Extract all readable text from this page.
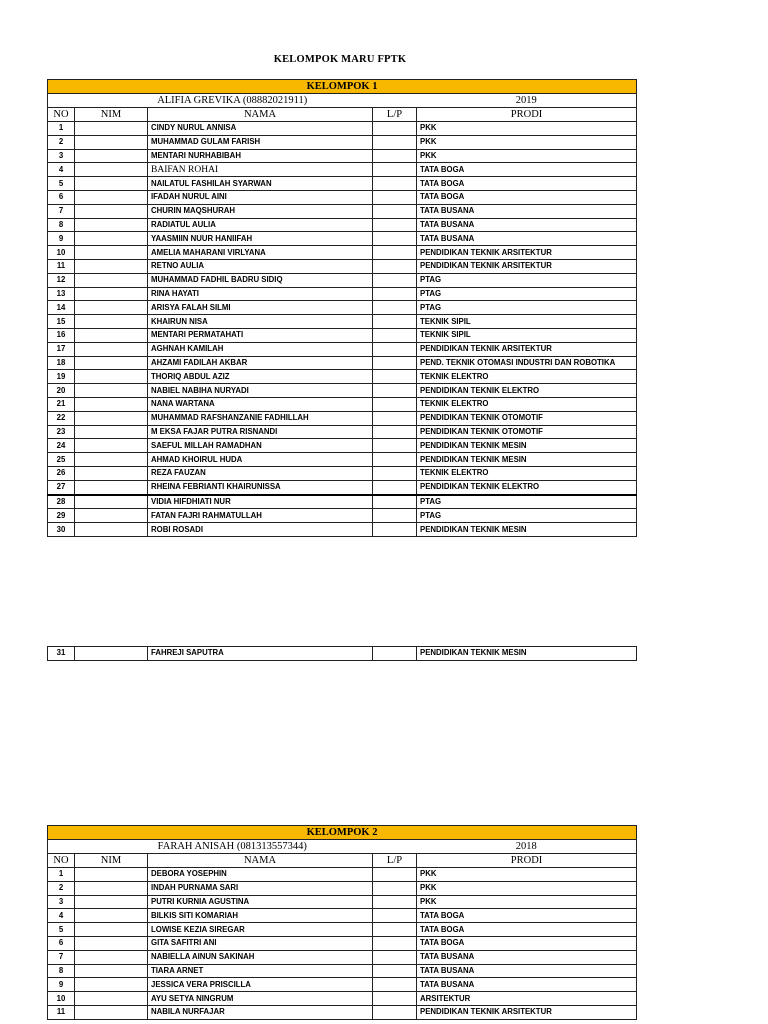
KELOMPOK MARU FPTK
KELOMPOK 1				
ALIFIA GREVIKA (08882021911)				2019
NO	NIM	NAMA	L/P	PRODI
1		CINDY NURUL ANNISA		PKK
2		MUHAMMAD GULAM FARISH		PKK
3		MENTARI NURHABIBAH		PKK
4		BAIFAN ROHAI		TATA BOGA
5		NAILATUL FASHILAH SYARWAN		TATA BOGA
6		IFADAH NURUL AINI		TATA BOGA
7		CHURIN MAQSHURAH		TATA BUSANA
8		RADIATUL AULIA		TATA BUSANA
9		YAASMIIN NUUR HANIIFAH		TATA BUSANA
10		AMELIA MAHARANI VIRLYANA		PENDIDIKAN TEKNIK ARSITEKTUR
11		RETNO AULIA		PENDIDIKAN TEKNIK ARSITEKTUR
12		MUHAMMAD FADHIL BADRU SIDIQ		PTAG
13		RINA HAYATI		PTAG
14		ARISYA FALAH SILMI		PTAG
15		KHAIRUN NISA		TEKNIK SIPIL
16		MENTARI PERMATAHATI		TEKNIK SIPIL
17		AGHNAH KAMILAH		PENDIDIKAN TEKNIK ARSITEKTUR
18		AHZAMI FADILAH AKBAR		PEND. TEKNIK OTOMASI INDUSTRI DAN ROBOTIKA
19		THORIQ ABDUL AZIZ		TEKNIK ELEKTRO
20		NABIEL NABIHA NURYADI		PENDIDIKAN TEKNIK ELEKTRO
21		NANA WARTANA		TEKNIK ELEKTRO
22		MUHAMMAD RAFSHANZANIE FADHILLAH		PENDIDIKAN TEKNIK OTOMOTIF
23		M EKSA FAJAR PUTRA RISNANDI		PENDIDIKAN TEKNIK OTOMOTIF
24		SAEFUL MILLAH RAMADHAN		PENDIDIKAN TEKNIK MESIN
25		AHMAD KHOIRUL HUDA		PENDIDIKAN TEKNIK MESIN
26		REZA FAUZAN		TEKNIK ELEKTRO
27		RHEINA FEBRIANTI KHAIRUNISSA		PENDIDIKAN TEKNIK ELEKTRO
28		VIDIA HIFDHIATI NUR		PTAG
29		FATAN FAJRI RAHMATULLAH		PTAG
30		ROBI ROSADI		PENDIDIKAN TEKNIK MESIN
31		FAHREJI SAPUTRA		PENDIDIKAN TEKNIK MESIN
KELOMPOK 2				
FARAH ANISAH (081313557344)				2018
NO	NIM	NAMA	L/P	PRODI
1		DEBORA YOSEPHIN		PKK
2		INDAH PURNAMA SARI		PKK
3		PUTRI KURNIA AGUSTINA		PKK
4		BILKIS SITI KOMARIAH		TATA BOGA
5		LOWISE KEZIA SIREGAR		TATA BOGA
6		GITA SAFITRI ANI		TATA BOGA
7		NABIELLA AINUN SAKINAH		TATA BUSANA
8		TIARA ARNET		TATA BUSANA
9		JESSICA VERA PRISCILLA		TATA BUSANA
10		AYU SETYA NINGRUM		ARSITEKTUR
11		NABILA NURFAJAR		PENDIDIKAN TEKNIK ARSITEKTUR
